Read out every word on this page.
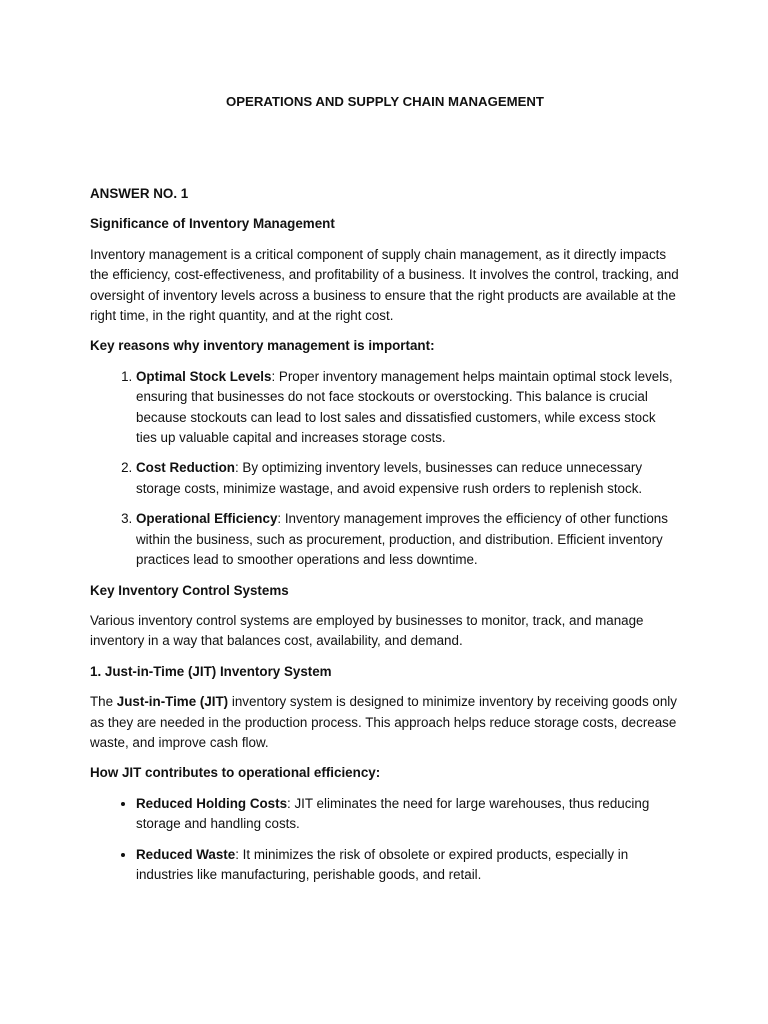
OPERATIONS AND SUPPLY CHAIN MANAGEMENT

ANSWER NO. 1

Significance of Inventory Management

Inventory management is a critical component of supply chain management, as it directly impacts the efficiency, cost-effectiveness, and profitability of a business. It involves the control, tracking, and oversight of inventory levels across a business to ensure that the right products are available at the right time, in the right quantity, and at the right cost.

Key reasons why inventory management is important:

1. Optimal Stock Levels: Proper inventory management helps maintain optimal stock levels, ensuring that businesses do not face stockouts or overstocking. This balance is crucial because stockouts can lead to lost sales and dissatisfied customers, while excess stock ties up valuable capital and increases storage costs.
2. Cost Reduction: By optimizing inventory levels, businesses can reduce unnecessary storage costs, minimize wastage, and avoid expensive rush orders to replenish stock.
3. Operational Efficiency: Inventory management improves the efficiency of other functions within the business, such as procurement, production, and distribution. Efficient inventory practices lead to smoother operations and less downtime.

Key Inventory Control Systems

Various inventory control systems are employed by businesses to monitor, track, and manage inventory in a way that balances cost, availability, and demand.

1. Just-in-Time (JIT) Inventory System

The Just-in-Time (JIT) inventory system is designed to minimize inventory by receiving goods only as they are needed in the production process. This approach helps reduce storage costs, decrease waste, and improve cash flow.

How JIT contributes to operational efficiency:

• Reduced Holding Costs: JIT eliminates the need for large warehouses, thus reducing storage and handling costs.
• Reduced Waste: It minimizes the risk of obsolete or expired products, especially in industries like manufacturing, perishable goods, and retail.
